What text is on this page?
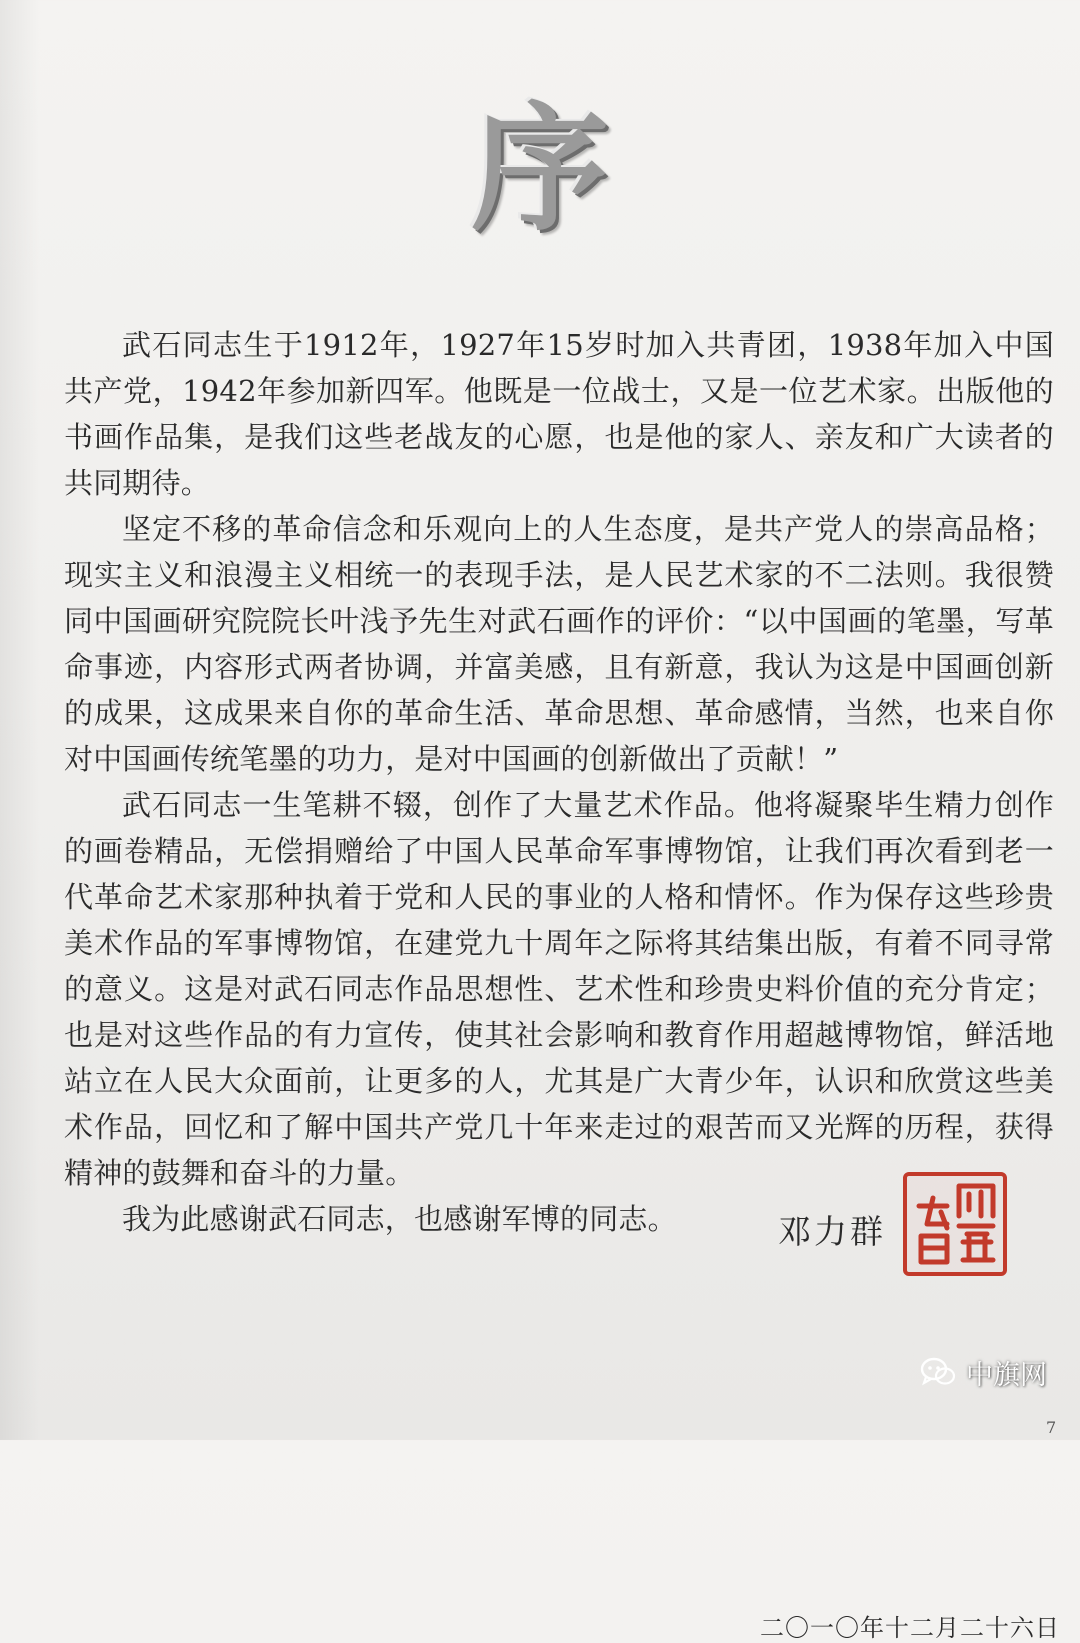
序

武石同志生于1912年，1927年15岁时加入共青团，1938年加入中国共产党，1942年参加新四军。他既是一位战士，又是一位艺术家。出版他的书画作品集，是我们这些老战友的心愿，也是他的家人、亲友和广大读者的共同期待。

坚定不移的革命信念和乐观向上的人生态度，是共产党人的崇高品格；现实主义和浪漫主义相统一的表现手法，是人民艺术家的不二法则。我很赞同中国画研究院院长叶浅予先生对武石画作的评价：“以中国画的笔墨，写革命事迹，内容形式两者协调，并富美感，且有新意，我认为这是中国画创新的成果，这成果来自你的革命生活、革命思想、革命感情，当然，也来自你对中国画传统笔墨的功力，是对中国画的创新做出了贡献！”

武石同志一生笔耕不辍，创作了大量艺术作品。他将凝聚毕生精力创作的画卷精品，无偿捐赠给了中国人民革命军事博物馆，让我们再次看到老一代革命艺术家那种执着于党和人民的事业的人格和情怀。作为保存这些珍贵美术作品的军事博物馆，在建党九十周年之际将其结集出版，有着不同寻常的意义。这是对武石同志作品思想性、艺术性和珍贵史料价值的充分肯定；也是对这些作品的有力宣传，使其社会影响和教育作用超越博物馆，鲜活地站立在人民大众面前，让更多的人，尤其是广大青少年，认识和欣赏这些美术作品，回忆和了解中国共产党几十年来走过的艰苦而又光辉的历程，获得精神的鼓舞和奋斗的力量。

我为此感谢武石同志，也感谢军博的同志。	邓力群
二〇一〇年十二月二十六日
中旗网
7
